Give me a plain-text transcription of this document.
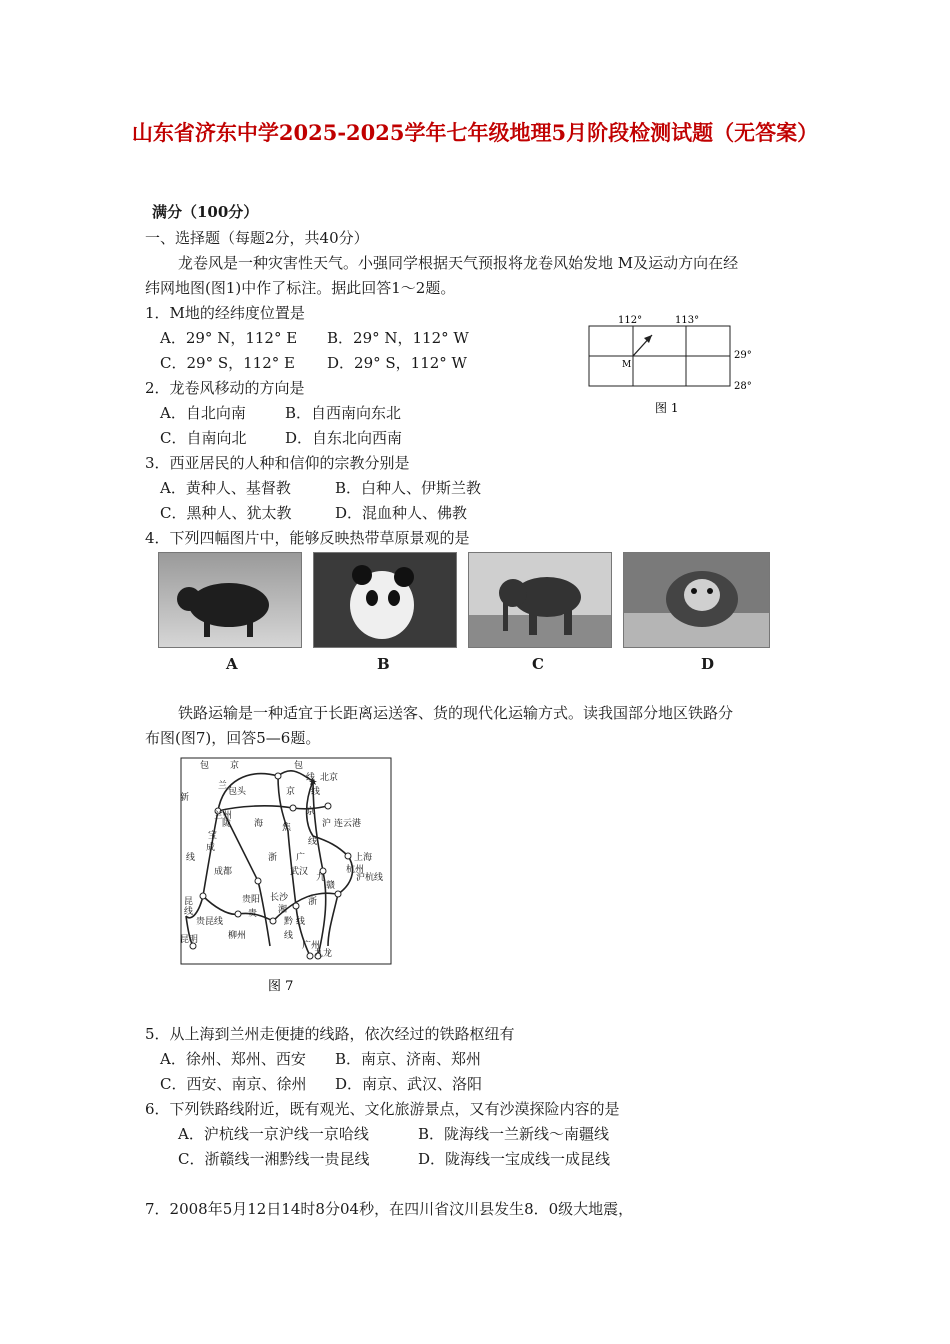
山东省济东中学2025-2025学年七年级地理5月阶段检测试题（无答案）
满分（100分）
一、选择题（每题2分，共40分）
龙卷风是一种灾害性天气。小强同学根据天气预报将龙卷风始发地 M及运动方向在经
纬网地图(图1)中作了标注。据此回答1～2题。
1．M地的经纬度位置是
A．29° N，112° E B．29° N，112° W
C．29° S，112° E D．29° S，112° W
2．龙卷风移动的方向是
A．自北向南	B．自西南向东北
C．自南向北	D．自东北向西南
112°	113°
29°
28°
M
图 1
3．西亚居民的人种和信仰的宗教分别是
A．黄种人、基督教	B．白种人、伊斯兰教
C．黑种人、犹太教	D．混血种人、佛教
4．下列四幅图片中，能够反映热带草原景观的是
A	B	C	D
铁路运输是一种适宜于长距离运送客、货的现代化运输方式。读我国部分地区铁路分
布图(图7)，回答5—6题。
包 京	包
线 北京
兰
包头	京 线
新
兰州
陇	海 焦	沪 连云港
宝
成
线	浙 广
线
上海
成都	武汉	杭州
沪杭线
昆
九
线
贵阳 长沙 浙
赣
贵
贵昆线
湘
黔 线
昆明	柳州	线
广州
九龙
京
图 7
5．从上海到兰州走便捷的线路，依次经过的铁路枢纽有
A．徐州、郑州、西安 B．南京、济南、郑州
C．西安、南京、徐州 D．南京、武汉、洛阳
6．下列铁路线附近，既有观光、文化旅游景点，又有沙漠探险内容的是
A．沪杭线一京沪线一京哈线	B．陇海线一兰新线～南疆线
C．浙赣线一湘黔线一贵昆线	D．陇海线一宝成线一成昆线
7．2008年5月12日14时8分04秒，在四川省汶川县发生8．0级大地震，
